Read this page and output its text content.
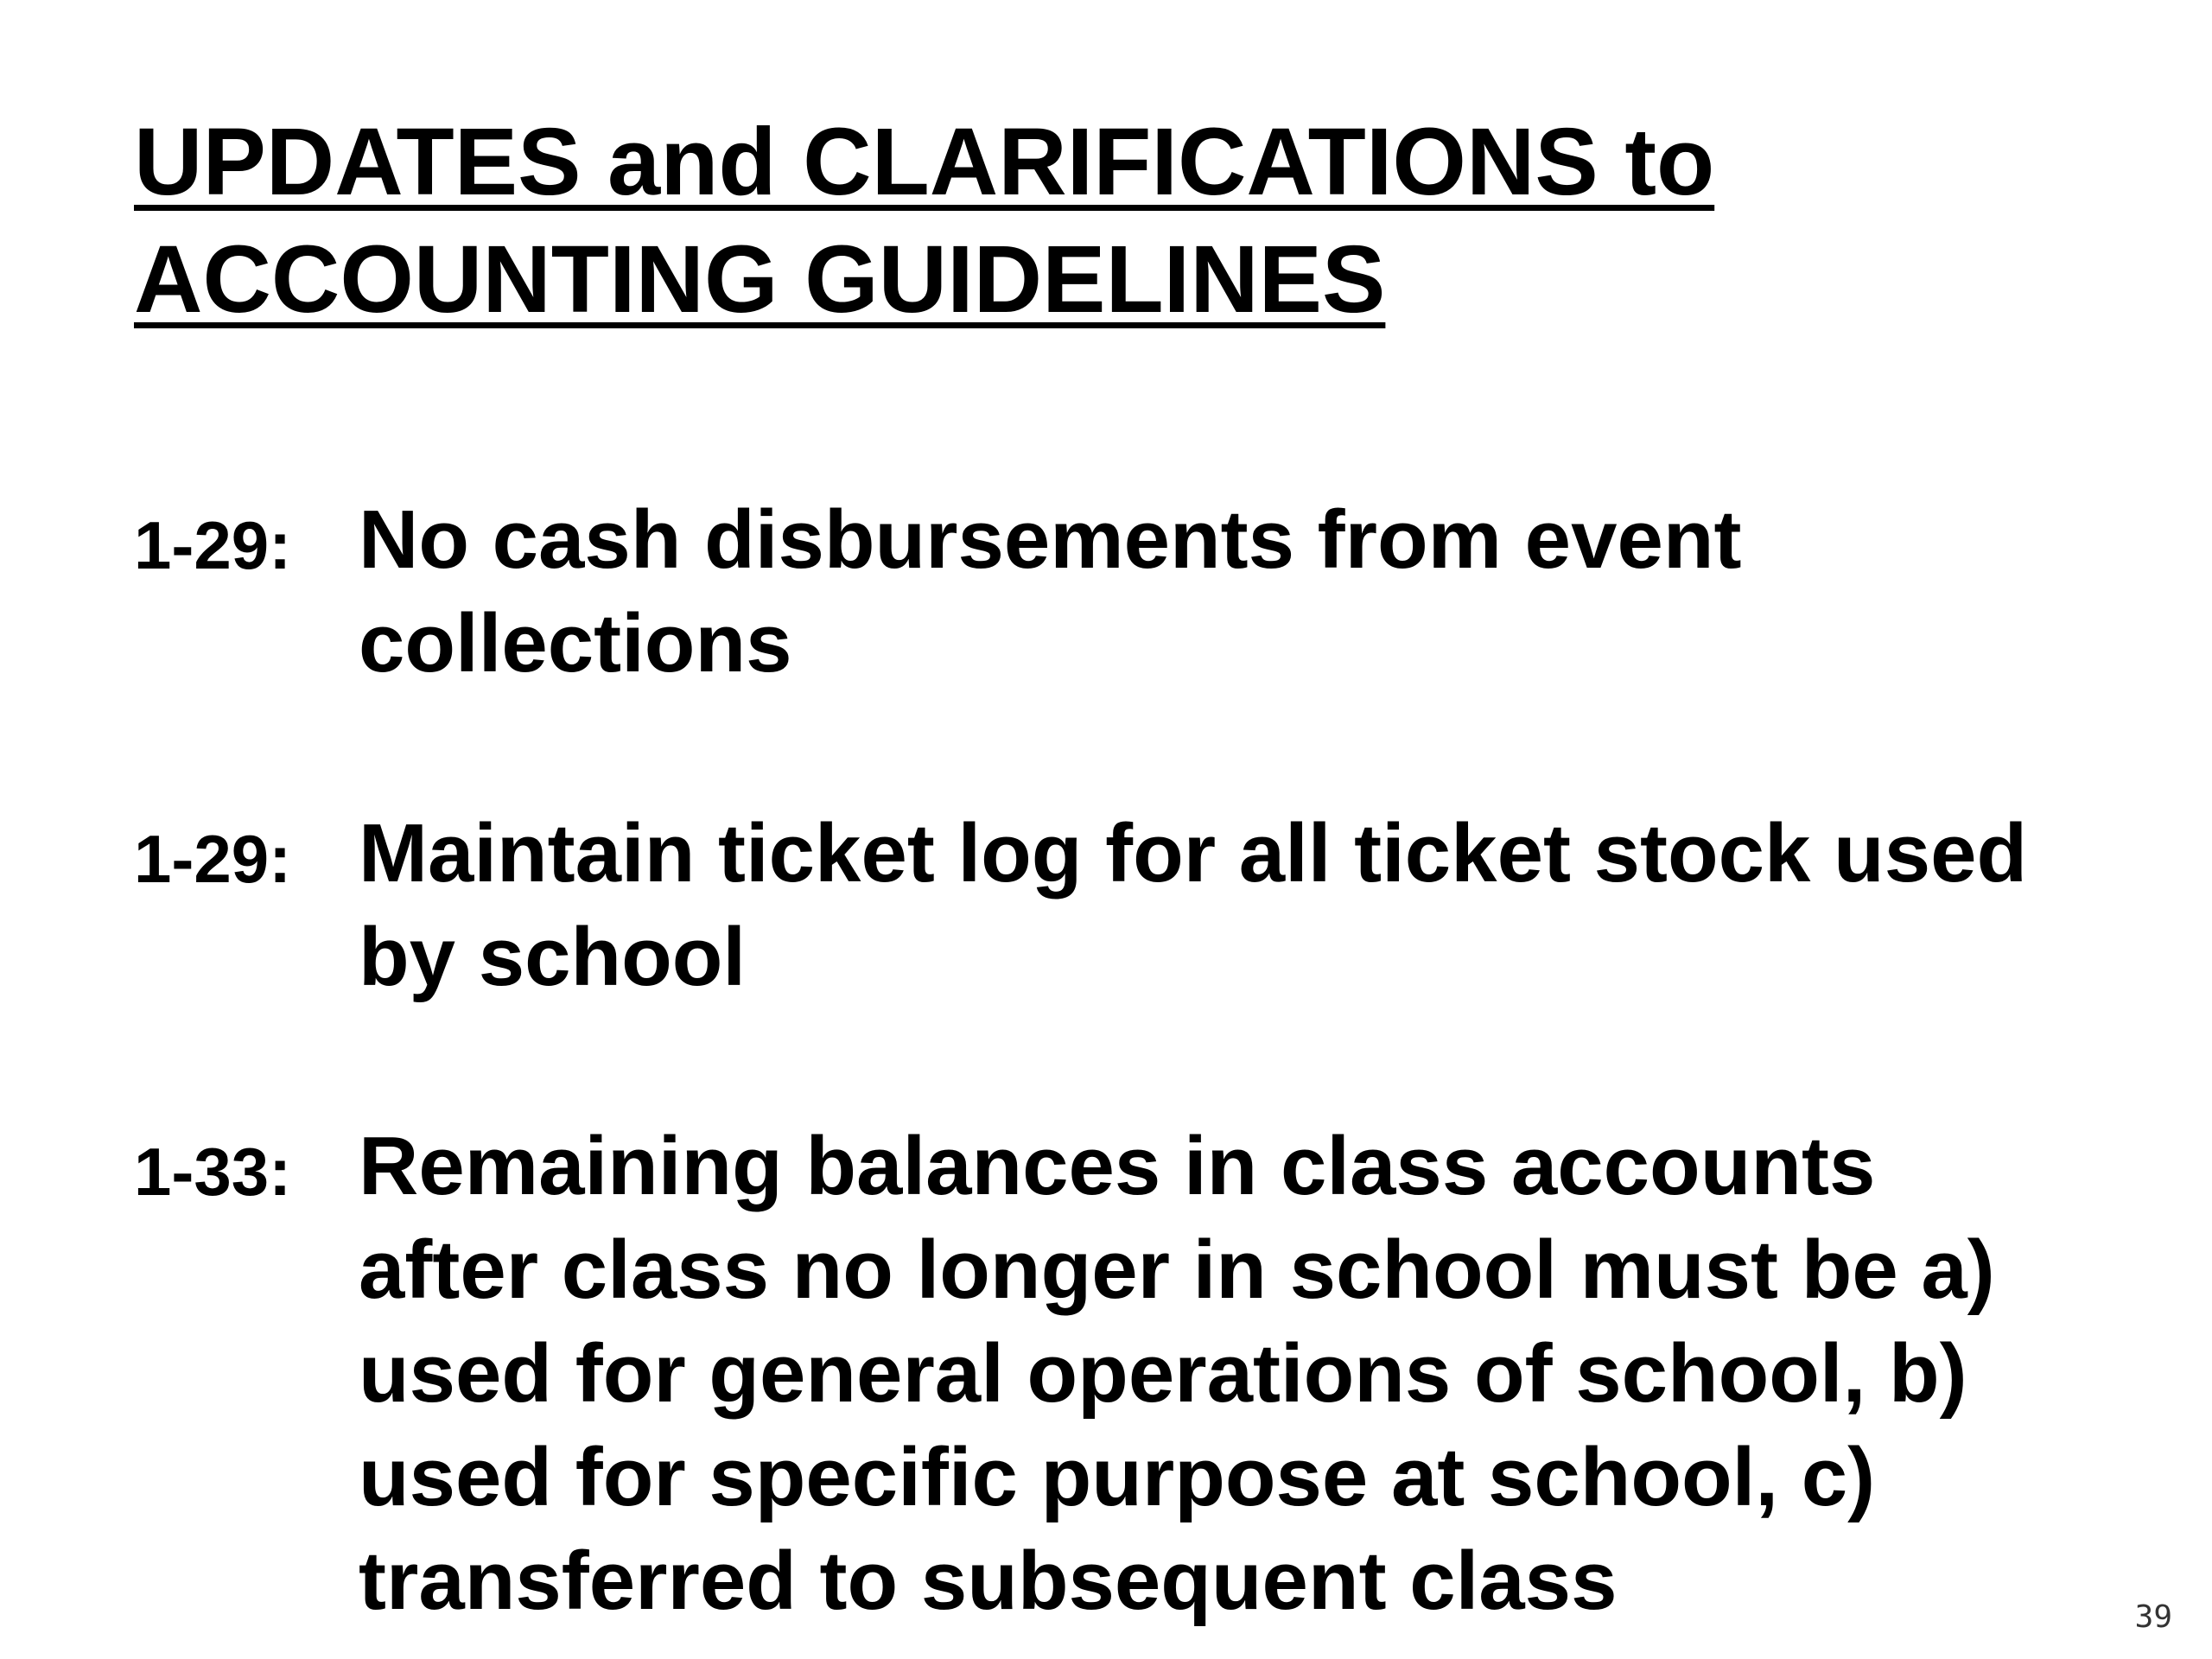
UPDATES and CLARIFICATIONS to
ACCOUNTING GUIDELINES
1-29: No cash disbursements from event
collections
1-29: Maintain ticket log for all ticket stock used
by school
1-33: Remaining balances in class accounts
after class no longer in school must be a)
used for general operations of school, b)
used for specific purpose at school, c)
transferred to subsequent class	39
